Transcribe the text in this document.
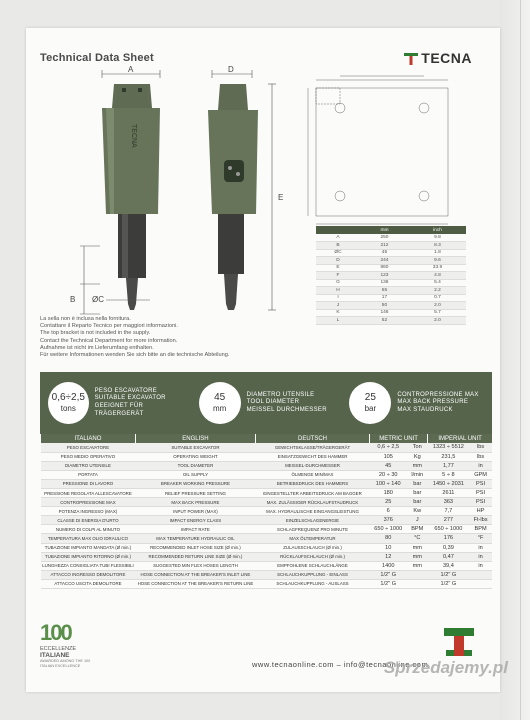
Technical Data Sheet	TECNA
TECNA
A
B ØC
D
E
	mm	inch
A	250	9.8
B	212	8.3
ØC	45	1.8
D	244	9.6
E	860	33.9
F	123	4.8
G	136	5.4
H	55	2.2
I	17	0.7
J	50	2.0
K	146	5.7
L	52	2.0
La sella non è inclusa nella fornitura.
Contattare il Reparto Tecnico per maggiori informazioni.
The top bracket is not included in the supply.
Contact the Technical Department for more information.
Aufnahme ist nicht im Lieferumfang enthalten.
Für weitere Informationen wenden Sie sich bitte an die technische Abteilung.
0,6÷2,5
tons
PESO ESCAVATORE
SUITABLE EXCAVATOR
GEEIGNET FÜR TRÄGERGERÄT
45
mm
DIAMETRO UTENSILE
TOOL DIAMETER
MEISSEL DURCHMESSER
25
bar
CONTROPRESSIONE MAX
MAX BACK PRESSURE
MAX STAUDRUCK
ITALIANO	ENGLISH	DEUTSCH	METRIC UNIT		IMPERIAL UNIT	
PESO ESCAVATORE	SUITABLE EXCAVATOR	GEWICHTSKLASSE/TRÄGERGERÄT	0,6 ÷ 2,5	Ton	1323 ÷ 5512	lbs
PESO MEDIO OPERATIVO	OPERATING WEIGHT	EINSATZGEWICHT DES HAMMER	105	Kg	231,5	lbs
DIAMETRO UTENSILE	TOOL DIAMETER	MEISSEL-DURCHMESSER	45	mm	1,77	in
PORTATA	OIL SUPPLY	ÖLMENGE MIN/MAX	20 ÷ 30	l/min	5 ÷ 8	GPM
PRESSIONE DI LAVORO	BREAKER WORKING PRESSURE	BETRIEBSDRUCK DES HAMMERS	100 ÷ 140	bar	1450 ÷ 2031	PSI
PRESSIONE REGOLATA ALLESCAVATORE	RELIEF PRESSURE SETTING	EINGESTELLTER ARBEITSDRUCK AM BAGGER	180	bar	2611	PSI
CONTROPRESSIONE MAX	MAX BACK PRESSURE	MAX. ZULÄSSIGER RÜCKLAUFSTAUDRUCK	25	bar	363	PSI
POTENZA INGRESSO (MAX)	INPUT POWER (MAX)	MAX. HYDRAULISCHE EINGANGSLEISTUNG	6	Kw	7,7	HP
CLASSE DI ENERGIA D'URTO	IMPACT ENERGY CLASS	EINZELSCHLAGENERGIE	376	J	277	Ft-lbs
NUMERO DI COLPI AL MINUTO	IMPACT RATE	SCHLAGFREQUENZ PRO MINUTE	650 ÷ 1000	BPM	650 ÷ 1000	BPM
TEMPERATURA MAX OLIO IDRAULICO	MAX TEMPERATURE HYDRAULIC OIL	MAX ÖLTEMPERATUR	80	°C	176	°F
TUBAZIONE IMPIANTO MANDATA (Ø min.)	RECOMMENDED INLET HOSE SIZE (Ø min.)	ZULAUSSCHLAUCH (Ø min.)	10	mm	0,39	in
TUBAZIONE IMPIANTO RITORNO (Ø min.)	RECOMMENDED RETURN LINE SIZE (Ø min.)	RÜCKLAUFSCHLAUCH (Ø min.)	12	mm	0,47	in
LUNGHEZZA CONSIGLIATA TUBI FLESSIBILI	SUGGESTED MIN FLEX HOSES LENGTH	EMPFOHLENE SCHLAUCHLÄNGE	1400	mm	39,4	in
ATTACCO INGRESSO DEMOLITORE	HOSE CONNECTION AT THE BREAKER'S INLET LINE	SCHLAUCHKUPPLUNG - EINLASS	1/2" G		1/2" G	
ATTACCO USCITA DEMOLITORE	HOSE CONNECTION AT THE BREAKER'S RETURN LINE	SCHLAUCHKUPPLUNG - AUSLASS	1/2" G		1/2" G	
100
ECCELLENZE
ITALIANE
AWARDED AMONG THE 100 ITALIAN EXCELLENCE	www.tecnaonline.com – info@tecnaonline.com
Sprzedajemy.pl
